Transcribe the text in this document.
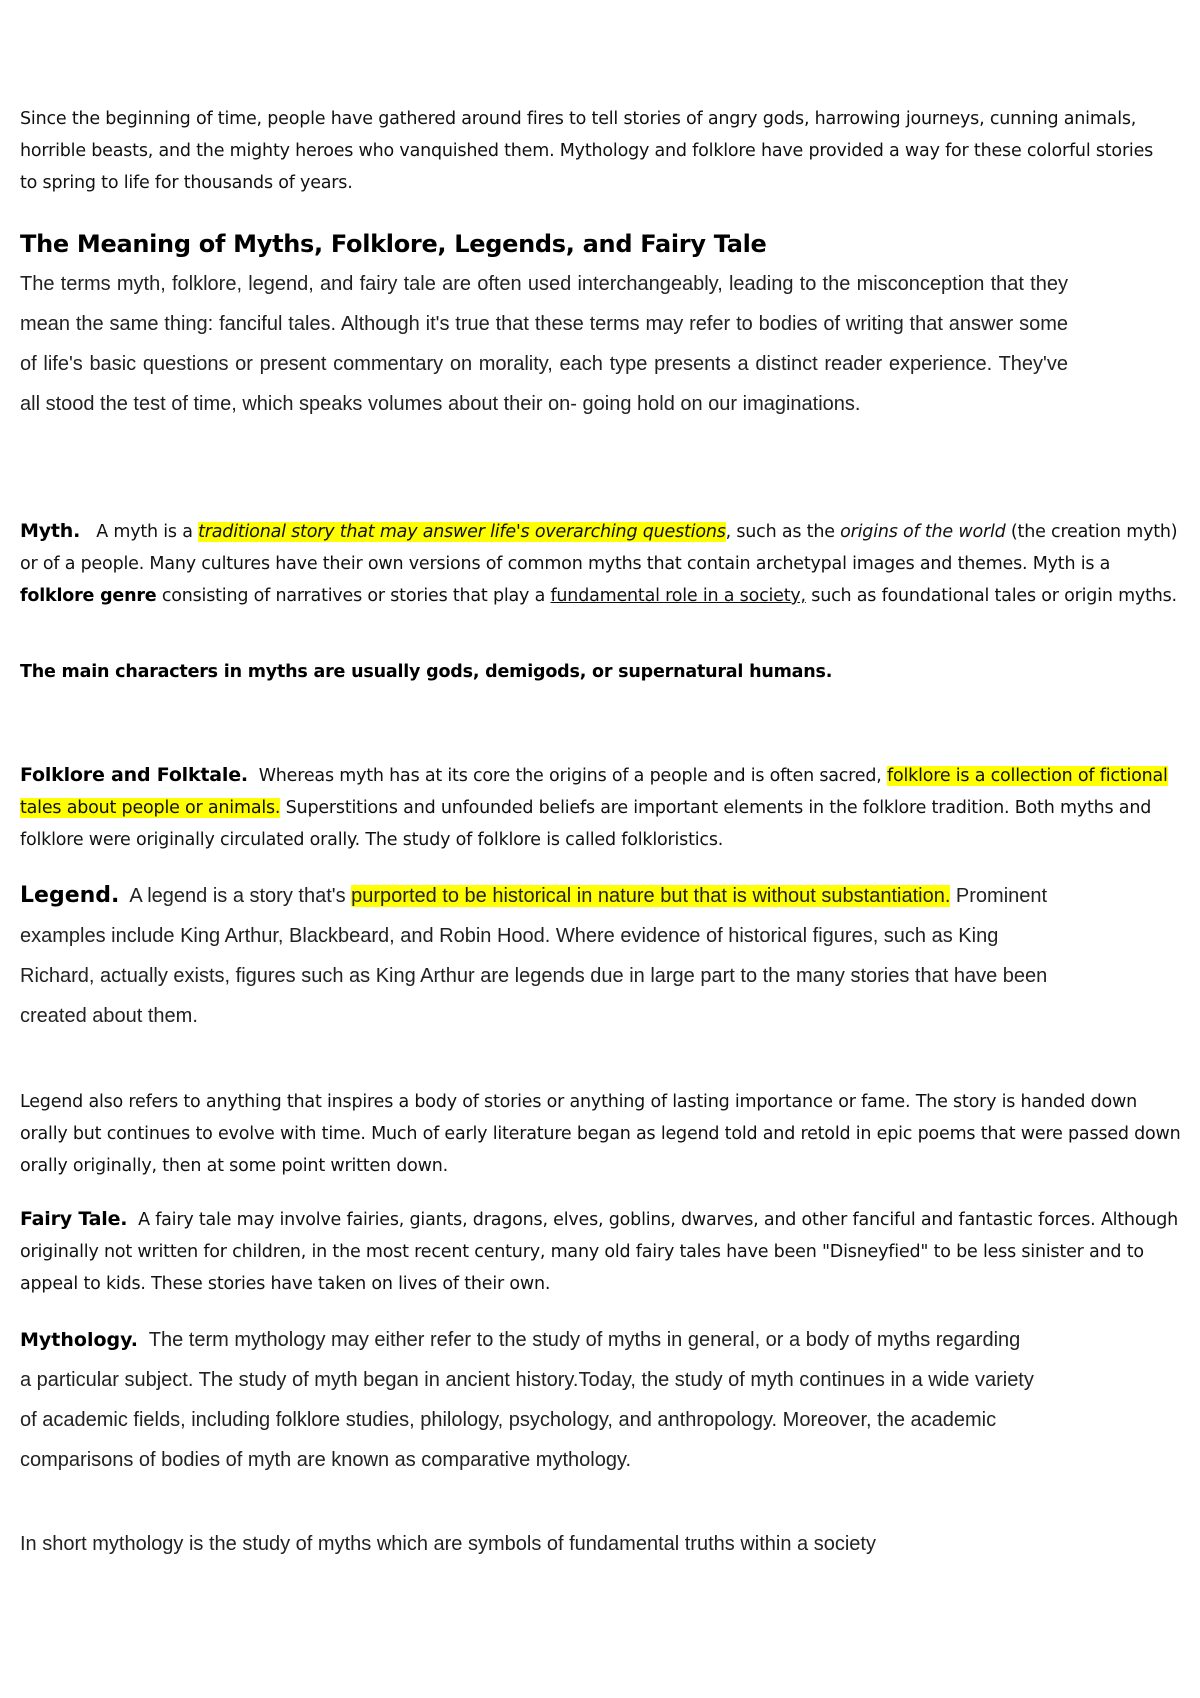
Since the beginning of time, people have gathered around fires to tell stories of angry gods, harrowing journeys, cunning animals, horrible beasts, and the mighty heroes who vanquished them. Mythology and folklore have provided a way for these colorful stories to spring to life for thousands of years.

The Meaning of Myths, Folklore, Legends, and Fairy Tale

The terms myth, folklore, legend, and fairy tale are often used interchangeably, leading to the misconception that they mean the same thing: fanciful tales. Although it's true that these terms may refer to bodies of writing that answer some of life's basic questions or present commentary on morality, each type presents a distinct reader experience. They've all stood the test of time, which speaks volumes about their on- going hold on our imaginations.

Myth. A myth is a traditional story that may answer life's overarching questions, such as the origins of the world (the creation myth) or of a people. Many cultures have their own versions of common myths that contain archetypal images and themes. Myth is a folklore genre consisting of narratives or stories that play a fundamental role in a society, such as foundational tales or origin myths.

The main characters in myths are usually gods, demigods, or supernatural humans.

Folklore and Folktale. Whereas myth has at its core the origins of a people and is often sacred, folklore is a collection of fictional tales about people or animals. Superstitions and unfounded beliefs are important elements in the folklore tradition. Both myths and folklore were originally circulated orally. The study of folklore is called folkloristics.

Legend. A legend is a story that's purported to be historical in nature but that is without substantiation. Prominent examples include King Arthur, Blackbeard, and Robin Hood. Where evidence of historical figures, such as King Richard, actually exists, figures such as King Arthur are legends due in large part to the many stories that have been created about them.

Legend also refers to anything that inspires a body of stories or anything of lasting importance or fame. The story is handed down orally but continues to evolve with time. Much of early literature began as legend told and retold in epic poems that were passed down orally originally, then at some point written down.

Fairy Tale. A fairy tale may involve fairies, giants, dragons, elves, goblins, dwarves, and other fanciful and fantastic forces. Although originally not written for children, in the most recent century, many old fairy tales have been "Disneyfied" to be less sinister and to appeal to kids. These stories have taken on lives of their own.

Mythology. The term mythology may either refer to the study of myths in general, or a body of myths regarding a particular subject. The study of myth began in ancient history.Today, the study of myth continues in a wide variety of academic fields, including folklore studies, philology, psychology, and anthropology. Moreover, the academic comparisons of bodies of myth are known as comparative mythology.

In short mythology is the study of myths which are symbols of fundamental truths within a society
